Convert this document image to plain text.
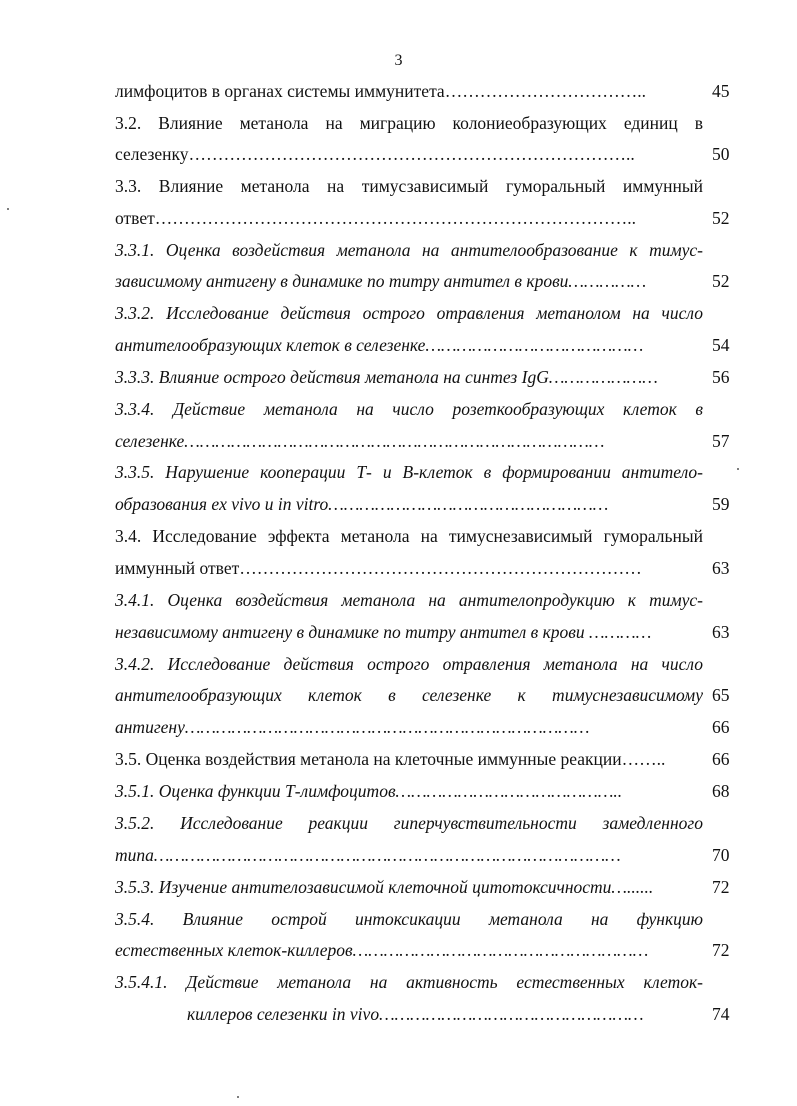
3
лимфоцитов в органах системы иммунитета……………………………..	45
3.2. Влияние метанола на миграцию колониеобразующих единиц в
селезенку…………………………………………………………………..	50
3.3. Влияние метанола на тимусзависимый гуморальный иммунный
ответ………………………………………………………………………..	52
3.3.1. Оценка воздействия метанола на антителообразование к тимус-
зависимому антигену в динамике по титру антител в крови……………	52
3.3.2. Исследование действия острого отравления метанолом на число
антителообразующих клеток в селезенке……………………………………	54
3.3.3. Влияние острого действия метанола на синтез IgG…………………	56
3.3.4. Действие метанола на число розеткообразующих клеток в
селезенке………………………………………………………………………	57
3.3.5. Нарушение кооперации Т- и В-клеток в формировании антитело-
образования ex vivo и in vitro………………………………………………	59
3.4. Исследование эффекта метанола на тимуснезависимый гуморальный
иммунный ответ……………………………………………………………	63
3.4.1. Оценка воздействия метанола на антителопродукцию к тимус-
независимому антигену в динамике по титру антител в крови …………	63
3.4.2. Исследование действия острого отравления метанола на число
антителообразующих клеток в селезенке к тимуснезависимому 65
антигену……………………………………………………………………	66
3.5. Оценка воздействия метанола на клеточные иммунные реакции……..	66
3.5.1. Оценка функции Т-лимфоцитов……………………………………..	68
3.5.2. Исследование реакции гиперчувствительности замедленного
типа………………………………………………………………………………	70
3.5.3. Изучение антителозависимой клеточной цитотоксичности…......	72
3.5.4. Влияние острой интоксикации метанола на функцию
естественных клеток-киллеров…………………………………………………	72
3.5.4.1. Действие метанола на активность естественных клеток-
киллеров селезенки in vivo……………………………………………	74
